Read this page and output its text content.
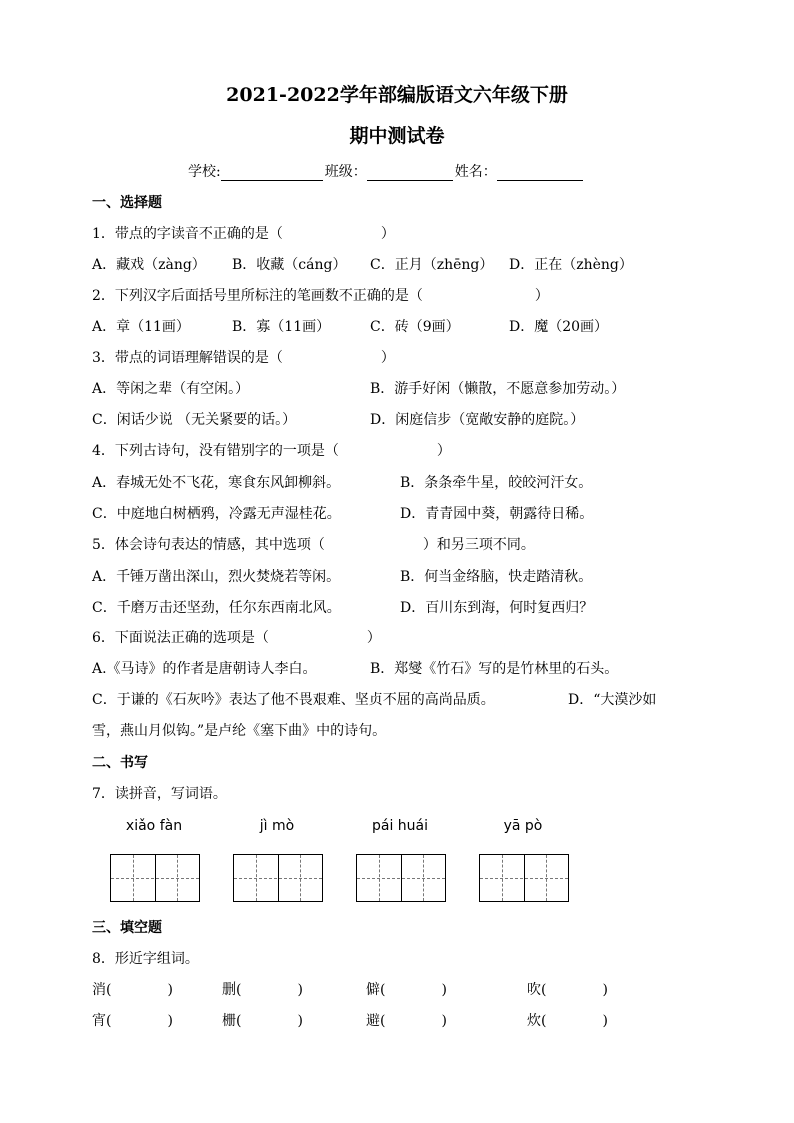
2021-2022学年部编版语文六年级下册
期中测试卷
学校:	班级：	姓名：
一、选择题
1．带点的字读音不正确的是（　　　　　　　）
A．藏戏（zàng） B．收藏（cáng） C．正月（zhēng） D．正在（zhèng）
2．下列汉字后面括号里所标注的笔画数不正确的是（　　　　　　　　）
A．章（11画）	B．寡（11画）	C．砖（9画）	D．魔（20画）
3．带点的词语理解错误的是（　　　　　　　）
A．等闲之辈（有空闲。）	B．游手好闲（懒散，不愿意参加劳动。）
C．闲话少说 （无关紧要的话。）	D．闲庭信步（宽敞安静的庭院。）
4．下列古诗句，没有错别字的一项是（　　　　　　　）
A．春城无处不飞花，寒食东风卸柳斜。	B．条条牵牛星，皎皎河汗女。
C．中庭地白树栖鸦，冷露无声湿桂花。	D．青青园中葵，朝露待日稀。
5．体会诗句表达的情感，其中选项（　　　　　　　）和另三项不同。
A．千锤万凿出深山，烈火焚烧若等闲。	B．何当金络脑，快走踏清秋。
C．千磨万击还坚劲，任尔东西南北风。	D．百川东到海，何时复西归？
6．下面说法正确的选项是（　　　　　　　）
A.《马诗》的作者是唐朝诗人李白。	B．郑燮《竹石》写的是竹林里的石头。
C．于谦的《石灰吟》表达了他不畏艰难、坚贞不屈的高尚品质。	D．“大漠沙如
雪，燕山月似钩。”是卢纶《塞下曲》中的诗句。
二、书写
7．读拼音，写词语。
xiǎo fàn	jì mò	pái huái	yā pò
三、填空题
8．形近字组词。
消(　　　　)	删(　　　　)	僻(　　　　)	吹(　　　　)
宵(　　　　)	栅(　　　　)	避(　　　　)	炊(　　　　)
